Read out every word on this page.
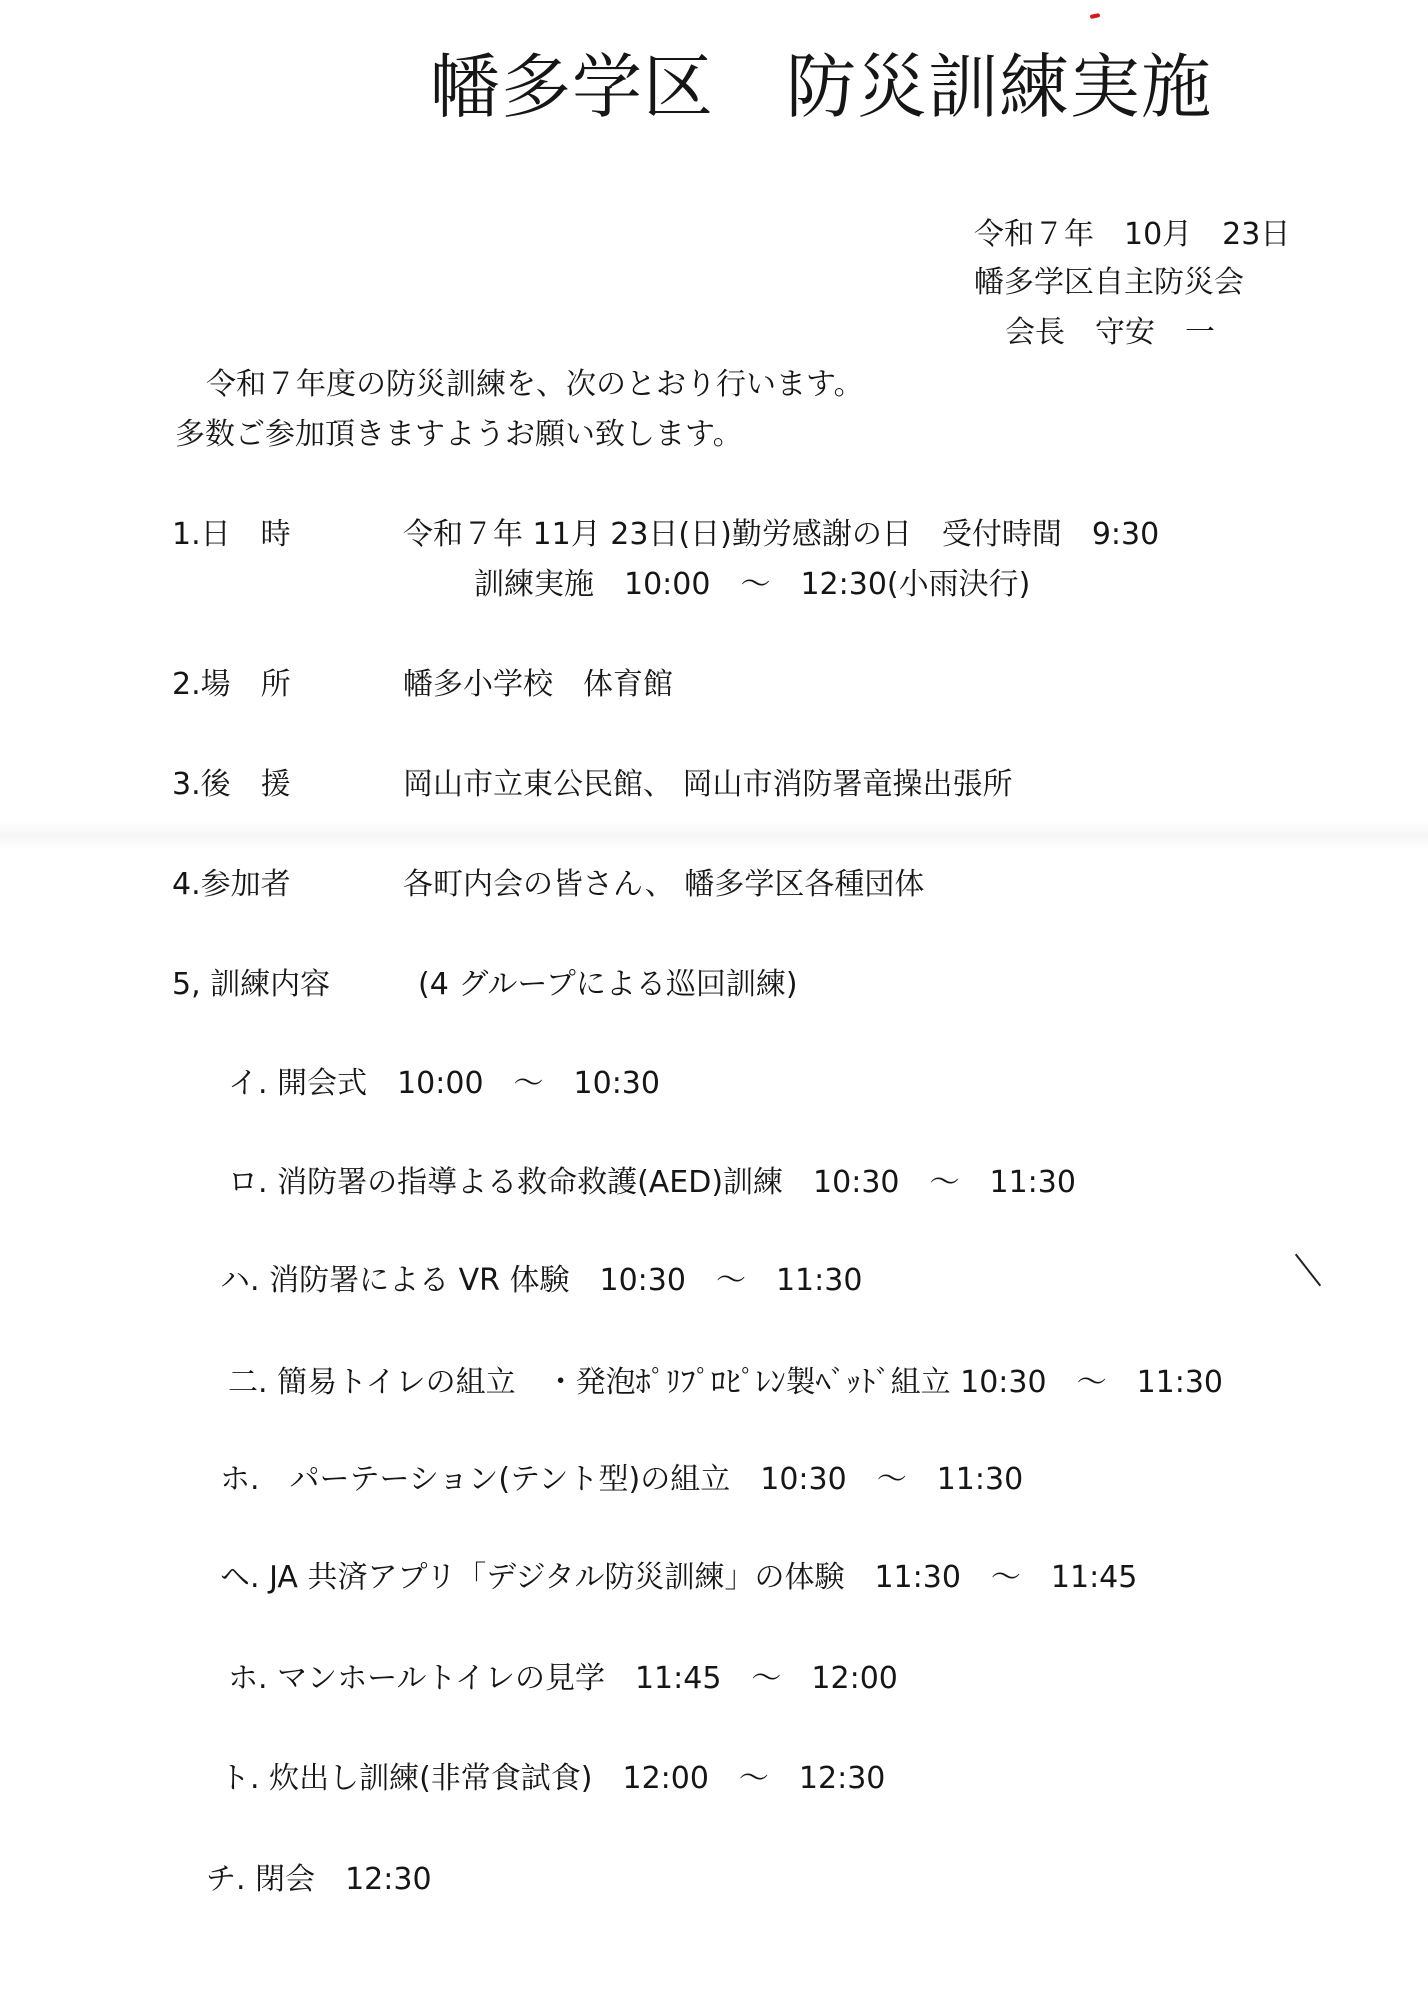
幡多学区 防災訓練実施
令和７年　10月　23日
幡多学区自主防災会
会長　守安　一
令和７年度の防災訓練を、次のとおり行います。
多数ご参加頂きますようお願い致します。
1.日　時	令和７年 11月 23日(日)勤労感謝の日　受付時間　9:30
訓練実施　10:00　～　12:30(小雨決行)
2.場　所	幡多小学校　体育館
3.後　援	岡山市立東公民館、 岡山市消防署竜操出張所
4.参加者	各町内会の皆さん、 幡多学区各種団体
5, 訓練内容	(4 グループによる巡回訓練)
イ. 開会式　10:00　～　10:30
ロ. 消防署の指導よる救命救護(AED)訓練　10:30　～　11:30
ハ. 消防署による VR 体験　10:30　～　11:30
二. 簡易トイレの組立　・発泡ﾎﾟﾘﾌﾟﾛﾋﾟﾚﾝ製ﾍﾞｯﾄﾞ組立 10:30　～　11:30
ホ.　パーテーション(テント型)の組立　10:30　～　11:30
ヘ. JA 共済アプリ「デジタル防災訓練」の体験　11:30　～　11:45
ホ. マンホールトイレの見学　11:45　～　12:00
ト. 炊出し訓練(非常食試食)　12:00　～　12:30
チ. 閉会　12:30
